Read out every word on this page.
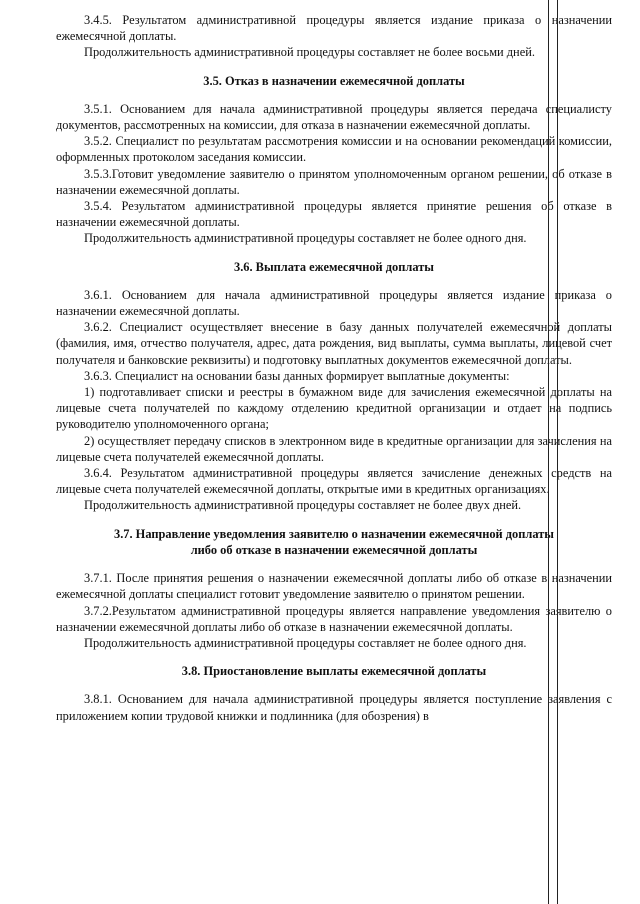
3.4.5. Результатом административной процедуры является издание приказа о назначении ежемесячной доплаты.

Продолжительность административной процедуры составляет не более восьми дней.

3.5. Отказ в назначении ежемесячной доплаты

3.5.1. Основанием для начала административной процедуры является передача специалисту документов, рассмотренных на комиссии, для отказа в назначении ежемесячной доплаты.

3.5.2. Специалист по результатам рассмотрения комиссии и на основании рекомендаций комиссии, оформленных протоколом заседания комиссии.

3.5.3.Готовит уведомление заявителю о принятом уполномоченным органом решении, об отказе в назначении ежемесячной доплаты.

3.5.4. Результатом административной процедуры является принятие решения об отказе в назначении ежемесячной доплаты.

Продолжительность административной процедуры составляет не более одного дня.

3.6. Выплата ежемесячной доплаты

3.6.1. Основанием для начала административной процедуры является издание приказа о назначении ежемесячной доплаты.

3.6.2. Специалист осуществляет внесение в базу данных получателей ежемесячной доплаты (фамилия, имя, отчество получателя, адрес, дата рождения, вид выплаты, сумма выплаты, лицевой счет получателя и банковские реквизиты) и подготовку выплатных документов ежемесячной доплаты.

3.6.3. Специалист на основании базы данных формирует выплатные документы:

1) подготавливает списки и реестры в бумажном виде для зачисления ежемесячной доплаты на лицевые счета получателей по каждому отделению кредитной организации и отдает на подпись руководителю уполномоченного органа;

2) осуществляет передачу списков в электронном виде в кредитные организации для зачисления на лицевые счета получателей ежемесячной доплаты.

3.6.4. Результатом административной процедуры является зачисление денежных средств на лицевые счета получателей ежемесячной доплаты, открытые ими в кредитных организациях.

Продолжительность административной процедуры составляет не более двух дней.

3.7. Направление уведомления заявителю о назначении ежемесячной доплаты
либо об отказе в назначении ежемесячной доплаты

3.7.1. После принятия решения о назначении ежемесячной доплаты либо об отказе в назначении ежемесячной доплаты специалист готовит уведомление заявителю о принятом решении.

3.7.2.Результатом административной процедуры является направление уведомления заявителю о назначении ежемесячной доплаты либо об отказе в назначении ежемесячной доплаты.

Продолжительность административной процедуры составляет не более одного дня.

3.8. Приостановление выплаты ежемесячной доплаты

3.8.1. Основанием для начала административной процедуры является поступление заявления с приложением копии трудовой книжки и подлинника (для обозрения) в
